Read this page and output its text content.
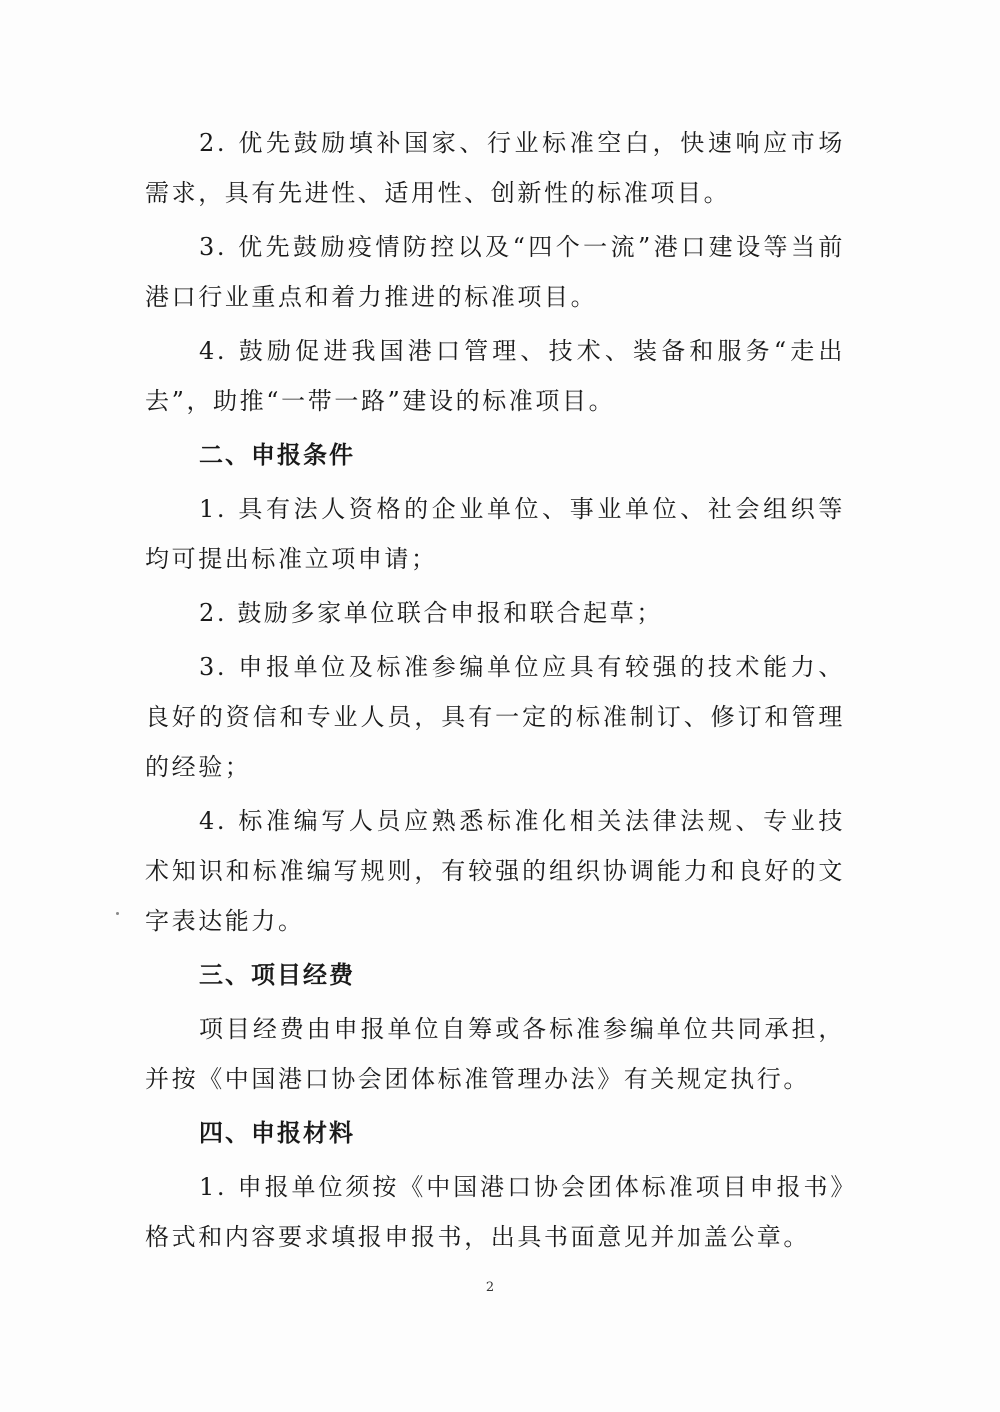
2. 优先鼓励填补国家、行业标准空白，快速响应市场需求，具有先进性、适用性、创新性的标准项目。

3. 优先鼓励疫情防控以及“四个一流”港口建设等当前港口行业重点和着力推进的标准项目。

4. 鼓励促进我国港口管理、技术、装备和服务“走出去”，助推“一带一路”建设的标准项目。

二、申报条件

1. 具有法人资格的企业单位、事业单位、社会组织等均可提出标准立项申请；

2. 鼓励多家单位联合申报和联合起草；

3. 申报单位及标准参编单位应具有较强的技术能力、良好的资信和专业人员，具有一定的标准制订、修订和管理的经验；

4. 标准编写人员应熟悉标准化相关法律法规、专业技术知识和标准编写规则，有较强的组织协调能力和良好的文字表达能力。

三、项目经费

项目经费由申报单位自筹或各标准参编单位共同承担，并按《中国港口协会团体标准管理办法》有关规定执行。

四、申报材料

1. 申报单位须按《中国港口协会团体标准项目申报书》格式和内容要求填报申报书，出具书面意见并加盖公章。

2
